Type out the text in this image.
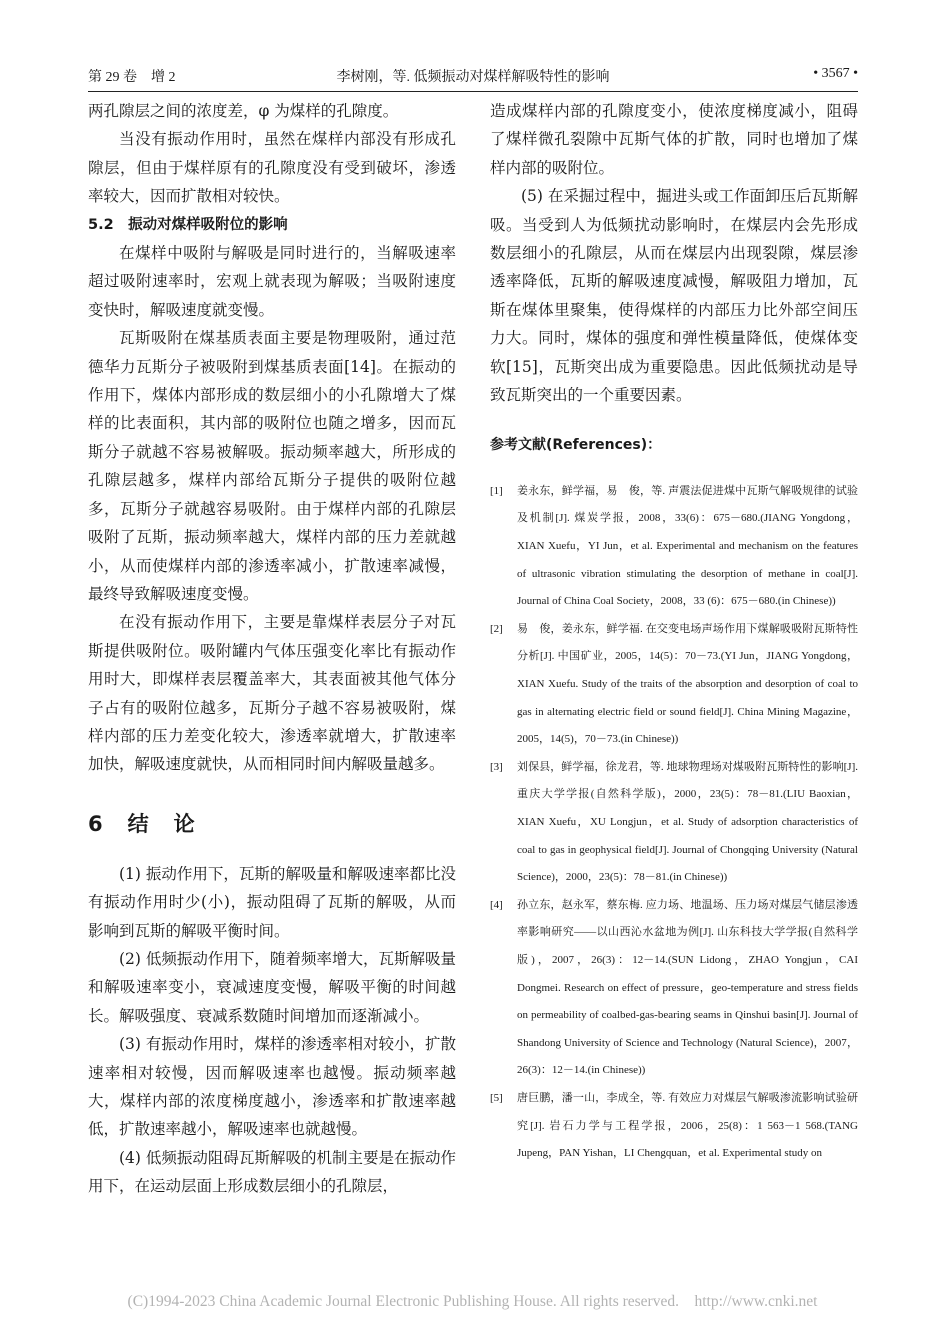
第 29 卷　增 2	李树刚，等. 低频振动对煤样解吸特性的影响	• 3567 •

两孔隙层之间的浓度差，φ 为煤样的孔隙度。

当没有振动作用时，虽然在煤样内部没有形成孔隙层，但由于煤样原有的孔隙度没有受到破坏，渗透率较大，因而扩散相对较快。

5.2　振动对煤样吸附位的影响

在煤样中吸附与解吸是同时进行的，当解吸速率超过吸附速率时，宏观上就表现为解吸；当吸附速度变快时，解吸速度就变慢。

瓦斯吸附在煤基质表面主要是物理吸附，通过范德华力瓦斯分子被吸附到煤基质表面[14]。在振动的作用下，煤体内部形成的数层细小的小孔隙增大了煤样的比表面积，其内部的吸附位也随之增多，因而瓦斯分子就越不容易被解吸。振动频率越大，所形成的孔隙层越多，煤样内部给瓦斯分子提供的吸附位越多，瓦斯分子就越容易吸附。由于煤样内部的孔隙层吸附了瓦斯，振动频率越大，煤样内部的压力差就越小，从而使煤样内部的渗透率减小，扩散速率减慢，最终导致解吸速度变慢。

在没有振动作用下，主要是靠煤样表层分子对瓦斯提供吸附位。吸附罐内气体压强变化率比有振动作用时大，即煤样表层覆盖率大，其表面被其他气体分子占有的吸附位越多，瓦斯分子越不容易被吸附，煤样内部的压力差变化较大，渗透率就增大，扩散速率加快，解吸速度就快，从而相同时间内解吸量越多。

6　结　论

(1) 振动作用下，瓦斯的解吸量和解吸速率都比没有振动作用时少(小)，振动阻碍了瓦斯的解吸，从而影响到瓦斯的解吸平衡时间。

(2) 低频振动作用下，随着频率增大，瓦斯解吸量和解吸速率变小，衰减速度变慢，解吸平衡的时间越长。解吸强度、衰减系数随时间增加而逐渐减小。

(3) 有振动作用时，煤样的渗透率相对较小，扩散速率相对较慢，因而解吸速率也越慢。振动频率越大，煤样内部的浓度梯度越小，渗透率和扩散速率越低，扩散速率越小，解吸速率也就越慢。

(4) 低频振动阻碍瓦斯解吸的机制主要是在振动作用下，在运动层面上形成数层细小的孔隙层，

造成煤样内部的孔隙度变小，使浓度梯度减小，阻碍了煤样微孔裂隙中瓦斯气体的扩散，同时也增加了煤样内部的吸附位。

(5) 在采掘过程中，掘进头或工作面卸压后瓦斯解吸。当受到人为低频扰动影响时，在煤层内会先形成数层细小的孔隙层，从而在煤层内出现裂隙，煤层渗透率降低，瓦斯的解吸速度减慢，解吸阻力增加，瓦斯在煤体里聚集，使得煤样的内部压力比外部空间压力大。同时，煤体的强度和弹性模量降低，使煤体变软[15]，瓦斯突出成为重要隐患。因此低频扰动是导致瓦斯突出的一个重要因素。

参考文献(References)：

[1] 姜永东，鲜学福，易　俊，等. 声震法促进煤中瓦斯气解吸规律的试验及机制[J]. 煤炭学报，2008，33(6)：675－680.(JIANG Yongdong，XIAN Xuefu，YI Jun，et al. Experimental and mechanism on the features of ultrasonic vibration stimulating the desorption of methane in coal[J]. Journal of China Coal Society，2008，33 (6)：675－680.(in Chinese))
[2] 易　俊，姜永东，鲜学福. 在交变电场声场作用下煤解吸吸附瓦斯特性分析[J]. 中国矿业，2005，14(5)：70－73.(YI Jun，JIANG Yongdong，XIAN Xuefu. Study of the traits of the absorption and desorption of coal to gas in alternating electric field or sound field[J]. China Mining Magazine，2005，14(5)，70－73.(in Chinese))
[3] 刘保县，鲜学福，徐龙君，等. 地球物理场对煤吸附瓦斯特性的影响[J]. 重庆大学学报(自然科学版)，2000，23(5)：78－81.(LIU Baoxian，XIAN Xuefu，XU Longjun，et al. Study of adsorption characteristics of coal to gas in geophysical field[J]. Journal of Chongqing University (Natural Science)，2000，23(5)：78－81.(in Chinese))
[4] 孙立东，赵永军，蔡东梅. 应力场、地温场、压力场对煤层气储层渗透率影响研究——以山西沁水盆地为例[J]. 山东科技大学学报(自然科学版)，2007，26(3)：12－14.(SUN Lidong，ZHAO Yongjun，CAI Dongmei. Research on effect of pressure，geo-temperature and stress fields on permeability of coalbed-gas-bearing seams in Qinshui basin[J]. Journal of Shandong University of Science and Technology (Natural Science)，2007，26(3)：12－14.(in Chinese))
[5] 唐巨鹏，潘一山，李成全，等. 有效应力对煤层气解吸渗流影响试验研究[J]. 岩石力学与工程学报，2006，25(8)：1 563－1 568.(TANG Jupeng，PAN Yishan，LI Chengquan，et al. Experimental study on
(C)1994-2023 China Academic Journal Electronic Publishing House. All rights reserved.　http://www.cnki.net
